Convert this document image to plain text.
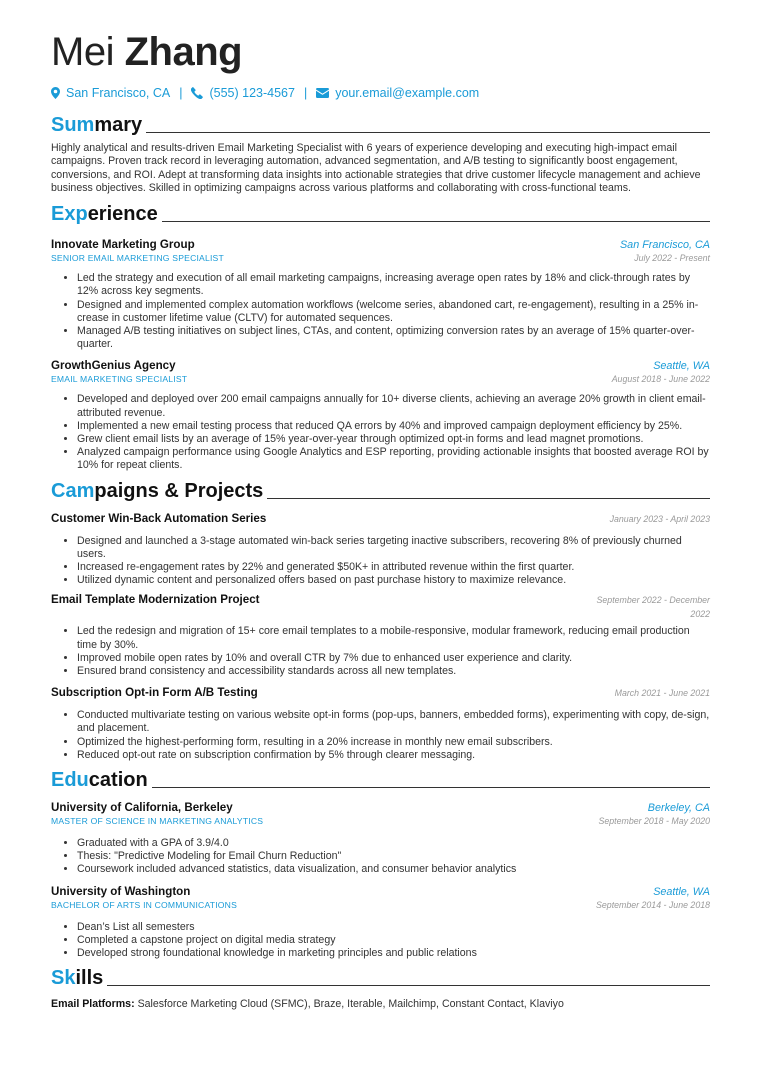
Mei Zhang
San Francisco, CA | (555) 123-4567 | your.email@example.com
Summary
Highly analytical and results-driven Email Marketing Specialist with 6 years of experience developing and executing high-impact email campaigns. Proven track record in leveraging automation, advanced segmentation, and A/B testing to significantly boost engagement, conversions, and ROI. Adept at transforming data insights into actionable strategies that drive customer lifecycle management and achieve business objectives. Skilled in optimizing campaigns across various platforms and collaborating with cross-functional teams.
Experience
Innovate Marketing Group	San Francisco, CA
SENIOR EMAIL MARKETING SPECIALIST	July 2022 - Present
• Led the strategy and execution of all email marketing campaigns, increasing average open rates by 18% and click-through rates by 12% across key segments.
• Designed and implemented complex automation workflows (welcome series, abandoned cart, re-engagement), resulting in a 25% in-crease in customer lifetime value (CLTV) for automated sequences.
• Managed A/B testing initiatives on subject lines, CTAs, and content, optimizing conversion rates by an average of 15% quarter-over-quarter.
GrowthGenius Agency	Seattle, WA
EMAIL MARKETING SPECIALIST	August 2018 - June 2022
• Developed and deployed over 200 email campaigns annually for 10+ diverse clients, achieving an average 20% growth in client email-attributed revenue.
• Implemented a new email testing process that reduced QA errors by 40% and improved campaign deployment efficiency by 25%.
• Grew client email lists by an average of 15% year-over-year through optimized opt-in forms and lead magnet promotions.
• Analyzed campaign performance using Google Analytics and ESP reporting, providing actionable insights that boosted average ROI by 10% for repeat clients.
Campaigns & Projects
Customer Win-Back Automation Series	January 2023 - April 2023
• Designed and launched a 3-stage automated win-back series targeting inactive subscribers, recovering 8% of previously churned users.
• Increased re-engagement rates by 22% and generated $50K+ in attributed revenue within the first quarter.
• Utilized dynamic content and personalized offers based on past purchase history to maximize relevance.
Email Template Modernization Project	September 2022 - December 2022
• Led the redesign and migration of 15+ core email templates to a mobile-responsive, modular framework, reducing email production time by 30%.
• Improved mobile open rates by 10% and overall CTR by 7% due to enhanced user experience and clarity.
• Ensured brand consistency and accessibility standards across all new templates.
Subscription Opt-in Form A/B Testing	March 2021 - June 2021
• Conducted multivariate testing on various website opt-in forms (pop-ups, banners, embedded forms), experimenting with copy, de-sign, and placement.
• Optimized the highest-performing form, resulting in a 20% increase in monthly new email subscribers.
• Reduced opt-out rate on subscription confirmation by 5% through clearer messaging.
Education
University of California, Berkeley	Berkeley, CA
MASTER OF SCIENCE IN MARKETING ANALYTICS	September 2018 - May 2020
• Graduated with a GPA of 3.9/4.0
• Thesis: "Predictive Modeling for Email Churn Reduction"
• Coursework included advanced statistics, data visualization, and consumer behavior analytics
University of Washington	Seattle, WA
BACHELOR OF ARTS IN COMMUNICATIONS	September 2014 - June 2018
• Dean’s List all semesters
• Completed a capstone project on digital media strategy
• Developed strong foundational knowledge in marketing principles and public relations
Skills
Email Platforms: Salesforce Marketing Cloud (SFMC), Braze, Iterable, Mailchimp, Constant Contact, Klaviyo
